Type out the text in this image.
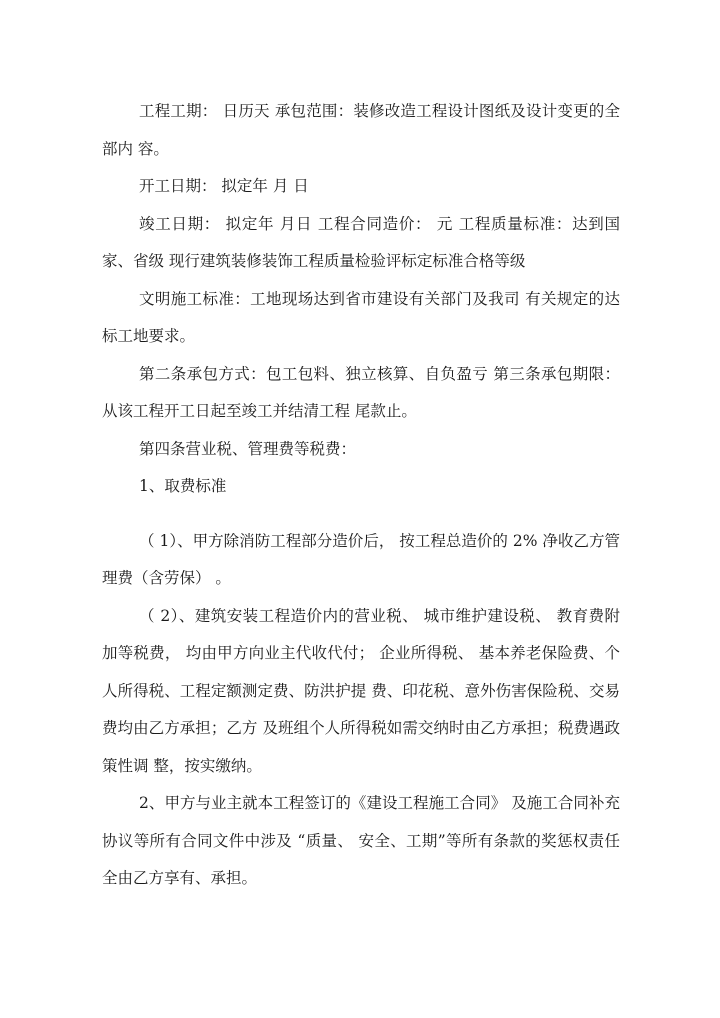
工程工期： 日历天 承包范围：装修改造工程设计图纸及设计变更的全部内 容。

开工日期： 拟定年 月 日

竣工日期： 拟定年 月日 工程合同造价： 元 工程质量标准：达到国家、省级 现行建筑装修装饰工程质量检验评标定标准合格等级

文明施工标准：工地现场达到省市建设有关部门及我司 有关规定的达标工地要求。

第二条承包方式：包工包料、独立核算、自负盈亏 第三条承包期限：从该工程开工日起至竣工并结清工程 尾款止。

第四条营业税、管理费等税费：

1、取费标准

（ 1）、甲方除消防工程部分造价后， 按工程总造价的 2% 净收乙方管理费（含劳保） 。

（ 2）、建筑安装工程造价内的营业税、 城市维护建设税、 教育费附加等税费， 均由甲方向业主代收代付； 企业所得税、 基本养老保险费、个人所得税、工程定额测定费、防洪护提 费、印花税、意外伤害保险税、交易费均由乙方承担；乙方 及班组个人所得税如需交纳时由乙方承担；税费遇政策性调 整，按实缴纳。

2、甲方与业主就本工程签订的《建设工程施工合同》 及施工合同补充协议等所有合同文件中涉及 “质量、 安全、工期”等所有条款的奖惩权责任全由乙方享有、承担。
